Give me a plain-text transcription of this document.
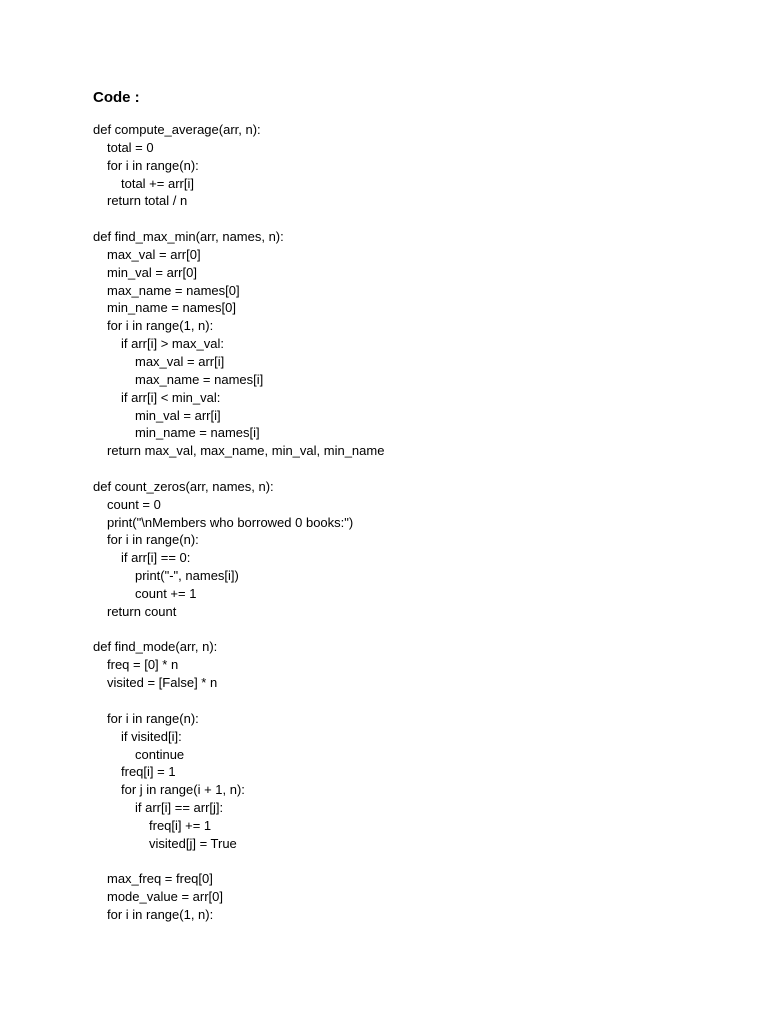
Code :
def compute_average(arr, n):
total = 0
for i in range(n):
total += arr[i]
return total / n
def find_max_min(arr, names, n):
max_val = arr[0]
min_val = arr[0]
max_name = names[0]
min_name = names[0]
for i in range(1, n):
if arr[i] > max_val:
max_val = arr[i]
max_name = names[i]
if arr[i] < min_val:
min_val = arr[i]
min_name = names[i]
return max_val, max_name, min_val, min_name
def count_zeros(arr, names, n):
count = 0
print("\nMembers who borrowed 0 books:")
for i in range(n):
if arr[i] == 0:
print("-", names[i])
count += 1
return count
def find_mode(arr, n):
freq = [0] * n
visited = [False] * n
for i in range(n):
if visited[i]:
continue
freq[i] = 1
for j in range(i + 1, n):
if arr[i] == arr[j]:
freq[i] += 1
visited[j] = True
max_freq = freq[0]
mode_value = arr[0]
for i in range(1, n):
